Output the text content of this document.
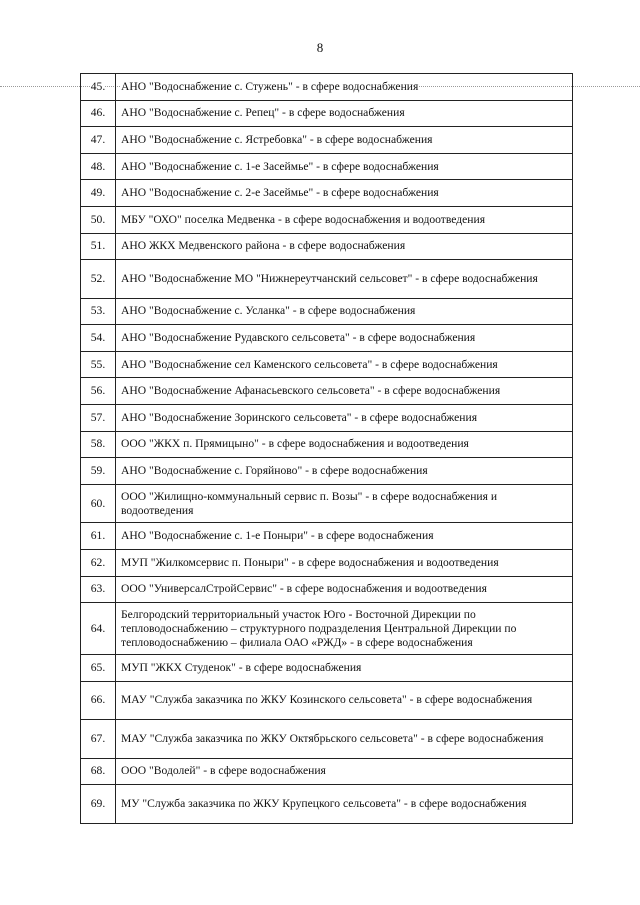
8
45.	АНО "Водоснабжение с. Стужень" - в сфере водоснабжения
46.	АНО "Водоснабжение с. Репец" - в сфере водоснабжения
47.	АНО "Водоснабжение с. Ястребовка" - в сфере водоснабжения
48.	АНО "Водоснабжение с. 1-е Засеймье" - в сфере водоснабжения
49.	АНО "Водоснабжение с. 2-е Засеймье" - в сфере водоснабжения
50.	МБУ "ОХО" поселка Медвенка - в сфере водоснабжения и водоотведения
51.	АНО ЖКХ Медвенского района - в сфере водоснабжения
52.	АНО "Водоснабжение МО "Нижнереутчанский сельсовет" - в сфере водоснабжения
53.	АНО "Водоснабжение с. Усланка" - в сфере водоснабжения
54.	АНО "Водоснабжение Рудавского сельсовета" - в сфере водоснабжения
55.	АНО "Водоснабжение сел Каменского сельсовета" - в сфере водоснабжения
56.	АНО "Водоснабжение Афанасьевского сельсовета" - в сфере водоснабжения
57.	АНО "Водоснабжение Зоринского сельсовета" - в сфере водоснабжения
58.	ООО "ЖКХ п. Прямицыно" - в сфере водоснабжения и водоотведения
59.	АНО "Водоснабжение с. Горяйново" - в сфере водоснабжения
60.	ООО "Жилищно-коммунальный сервис п. Возы" - в сфере водоснабжения и водоотведения
61.	АНО "Водоснабжение с. 1-е Поныри" - в сфере водоснабжения
62.	МУП "Жилкомсервис п. Поныри" - в сфере водоснабжения и водоотведения
63.	ООО "УниверсалСтройСервис" - в сфере водоснабжения и водоотведения
64.	Белгородский территориальный участок Юго - Восточной Дирекции по тепловодоснабжению – структурного подразделения Центральной Дирекции по тепловодоснабжению – филиала ОАО «РЖД» - в сфере водоснабжения
65.	МУП "ЖКХ Студенок" - в сфере водоснабжения
66.	МАУ "Служба заказчика по ЖКУ Козинского сельсовета" - в сфере водоснабжения
67.	МАУ "Служба заказчика по ЖКУ Октябрьского сельсовета" - в сфере водоснабжения
68.	ООО "Водолей" - в сфере водоснабжения
69.	МУ "Служба заказчика по ЖКУ Крупецкого сельсовета" - в сфере водоснабжения
